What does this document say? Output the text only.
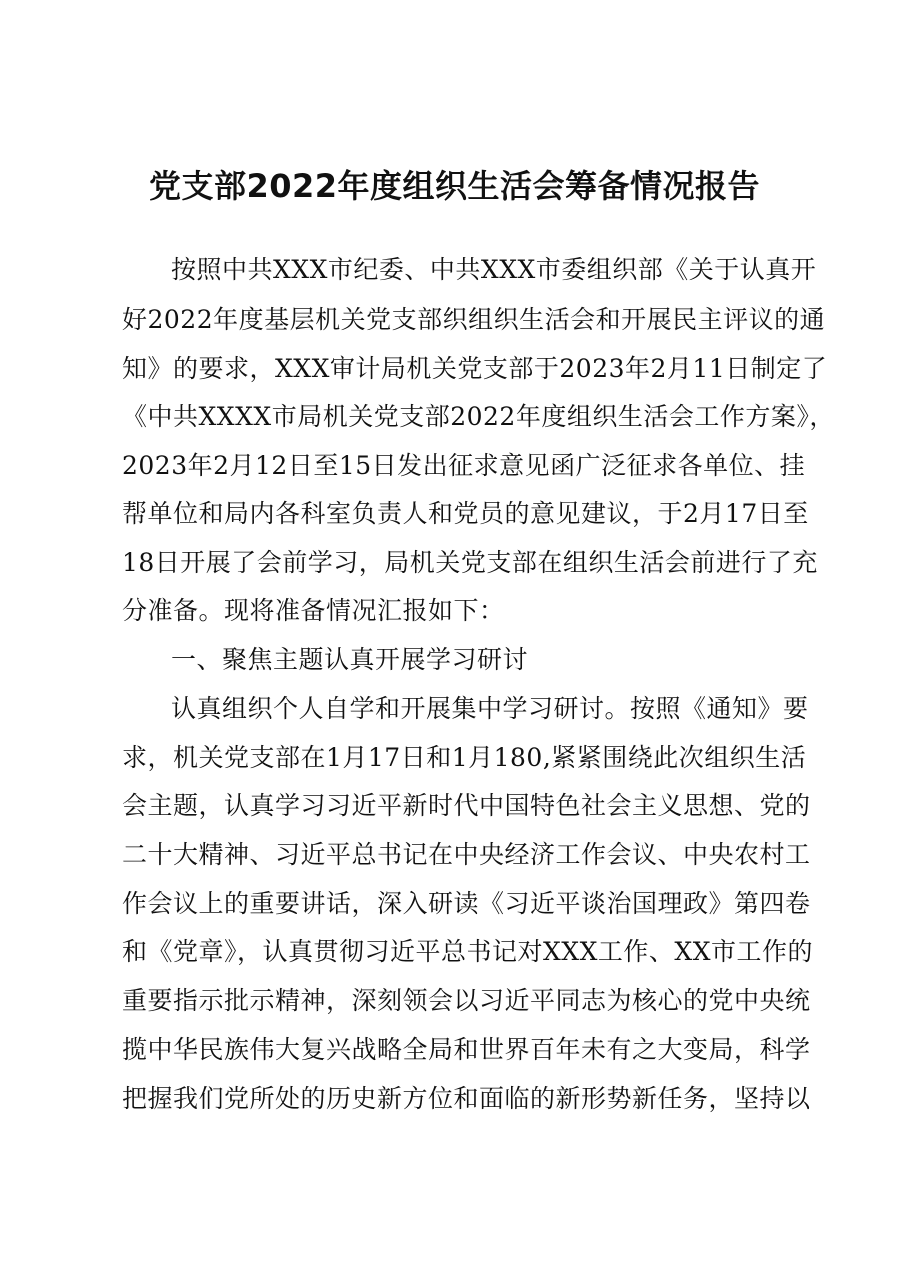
党支部2022年度组织生活会筹备情况报告
按照中共XXX市纪委、中共XXX市委组织部《关于认真开
好2022年度基层机关党支部织组织生活会和开展民主评议的通
知》的要求，XXX审计局机关党支部于2023年2月11日制定了
《中共XXXX市局机关党支部2022年度组织生活会工作方案》，
2023年2月12日至15日发出征求意见函广泛征求各单位、挂
帮单位和局内各科室负责人和党员的意见建议，于2月17日至
18日开展了会前学习，局机关党支部在组织生活会前进行了充
分准备。现将准备情况汇报如下：
一、聚焦主题认真开展学习研讨
认真组织个人自学和开展集中学习研讨。按照《通知》要
求，机关党支部在1月17日和1月180,紧紧围绕此次组织生活
会主题，认真学习习近平新时代中国特色社会主义思想、党的
二十大精神、习近平总书记在中央经济工作会议、中央农村工
作会议上的重要讲话，深入研读《习近平谈治国理政》第四卷
和《党章》，认真贯彻习近平总书记对XXX工作、XX市工作的
重要指示批示精神，深刻领会以习近平同志为核心的党中央统
揽中华民族伟大复兴战略全局和世界百年未有之大变局，科学
把握我们党所处的历史新方位和面临的新形势新任务，坚持以
